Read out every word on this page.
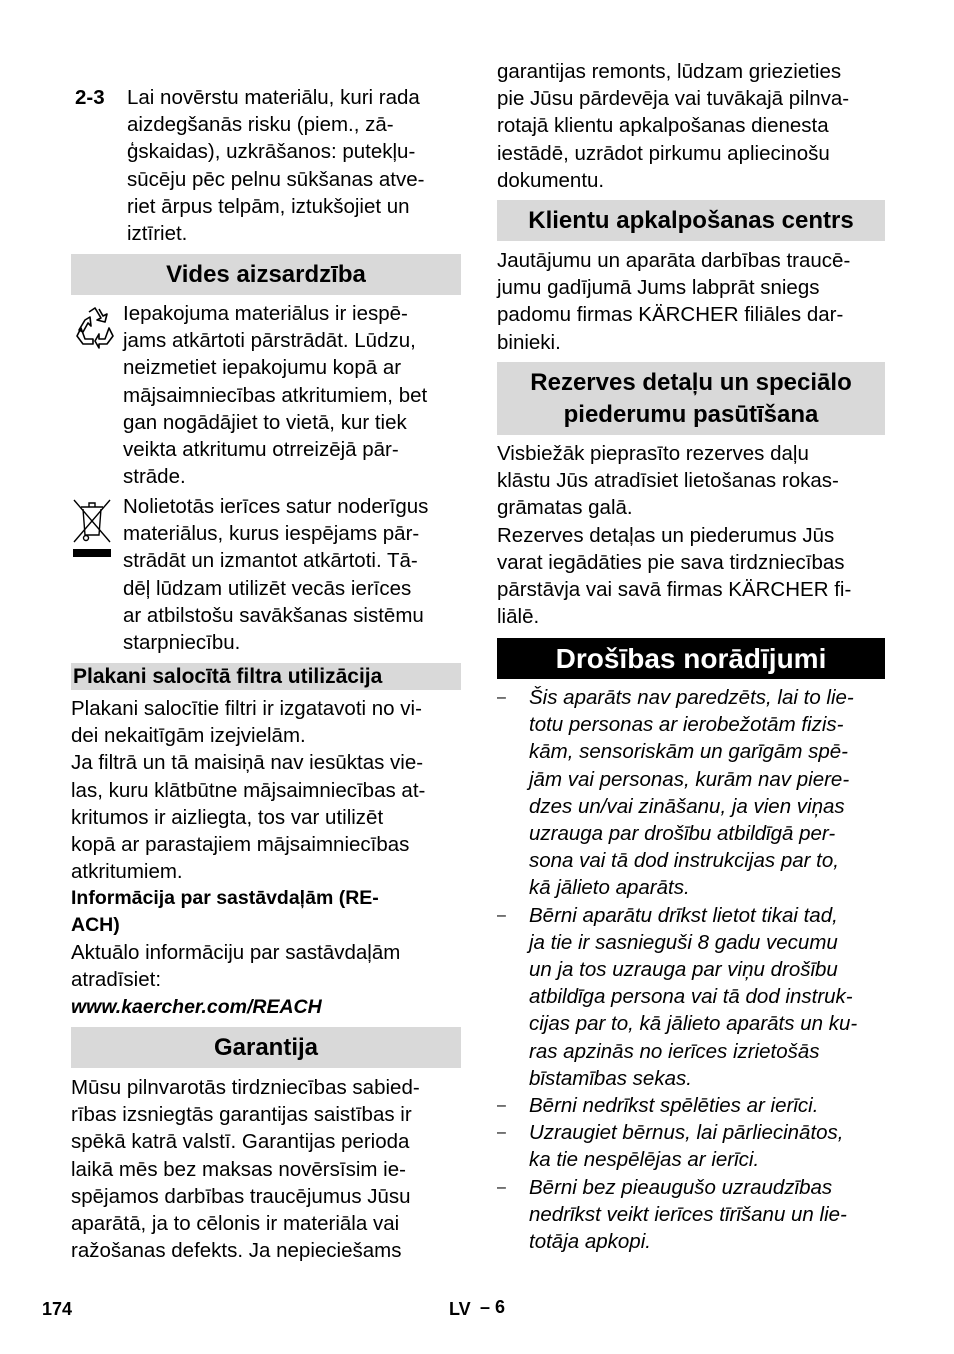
2-3	Lai novērstu materiālu, kuri rada
aizdegšanās risku (piem., zā-
ģskaidas), uzkrāšanos: putekļu-
sūcēju pēc pelnu sūkšanas atve-
riet ārpus telpām, iztukšojiet un
iztīriet.
Vides aizsardzība
Iepakojuma materiālus ir iespē-
jams atkārtoti pārstrādāt. Lūdzu,
neizmetiet iepakojumu kopā ar
mājsaimniecības atkritumiem, bet
gan nogādājiet to vietā, kur tiek
veikta atkritumu otrreizējā pār-
strāde.
Nolietotās ierīces satur noderīgus
materiālus, kurus iespējams pār-
strādāt un izmantot atkārtoti. Tā-
dēļ lūdzam utilizēt vecās ierīces
ar atbilstošu savākšanas sistēmu
starpniecību.
Plakani salocītā filtra utilizācija
Plakani salocītie filtri ir izgatavoti no vi-
dei nekaitīgām izejvielām.
Ja filtrā un tā maisiņā nav iesūktas vie-
las, kuru klātbūtne mājsaimniecības at-
kritumos ir aizliegta, tos var utilizēt
kopā ar parastajiem mājsaimniecības
atkritumiem.
Informācija par sastāvdaļām (RE-
ACH)
Aktuālo informāciju par sastāvdaļām
atradīsiet:
www.kaercher.com/REACH
Garantija
Mūsu pilnvarotās tirdzniecības sabied-
rības izsniegtās garantijas saistības ir
spēkā katrā valstī. Garantijas perioda
laikā mēs bez maksas novērsīsim ie-
spējamos darbības traucējumus Jūsu
aparātā, ja to cēlonis ir materiāla vai
ražošanas defekts. Ja nepieciešams
garantijas remonts, lūdzam griezieties
pie Jūsu pārdevēja vai tuvākajā pilnva-
rotajā klientu apkalpošanas dienestа
iestādē, uzrādot pirkumu apliecinošu
dokumentu.
Klientu apkalpošanas centrs
Jautājumu un aparāta darbības traucē-
jumu gadījumā Jums labprāt sniegs
padomu firmas KÄRCHER filiāles dar-
binieki.
Rezerves detaļu un speciālo
piederumu pasūtīšana
Visbiežāk pieprasīto rezerves daļu
klāstu Jūs atradīsiet lietošanas rokas-
grāmatas galā.
Rezerves detaļas un piederumus Jūs
varat iegādāties pie sava tirdzniecības
pārstāvja vai savā firmas KÄRCHER fi-
liālē.
Drošības norādījumi
– Šis aparāts nav paredzēts, lai to lie-
totu personas ar ierobežotām fizis-
kām, sensoriskām un garīgām spē-
jām vai personas, kurām nav piere-
dzes un/vai zināšanu, ja vien viņas
uzrauga par drošību atbildīgā per-
sona vai tā dod instrukcijas par to,
kā jālieto aparāts.
– Bērni aparātu drīkst lietot tikai tad,
ja tie ir sasnieguši 8 gadu vecumu
un ja tos uzrauga par viņu drošību
atbildīga persona vai tā dod instruk-
cijas par to, kā jālieto aparāts un ku-
ras apzinās no ierīces izrietošās
bīstamības sekas.
– Bērni nedrīkst spēlēties ar ierīci.
– Uzraugiet bērnus, lai pārliecinātos,
ka tie nespēlējas ar ierīci.
– Bērni bez pieaugušo uzraudzības
nedrīkst veikt ierīces tīrīšanu un lie-
totāja apkopi.
174	LV – 6
